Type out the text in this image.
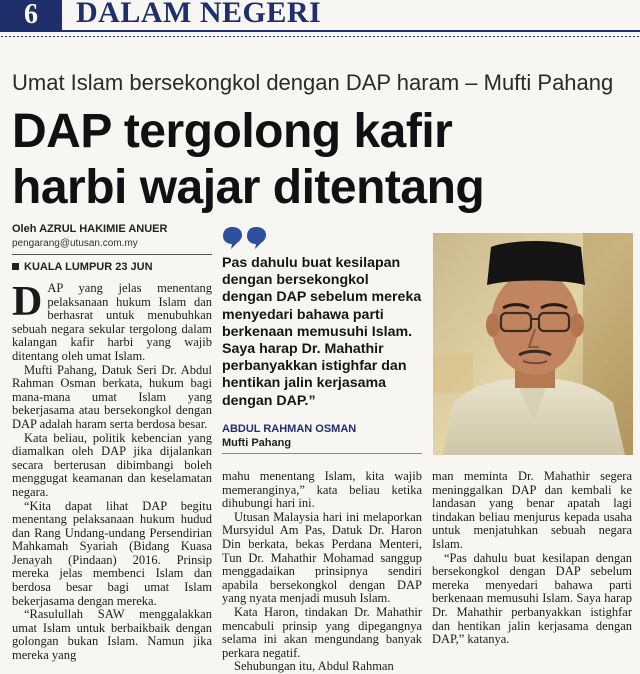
6	DALAM NEGERI
Umat Islam bersekongkol dengan DAP haram – Mufti Pahang
DAP tergolong kafir
harbi wajar ditentang
Oleh AZRUL HAKIMIE ANUER
pengarang@utusan.com.my
KUALA LUMPUR 23 JUN

DAP yang jelas menentang pelaksanaan hukum Islam dan berhasrat untuk menubuhkan sebuah negara sekular tergolong dalam kalangan kafir harbi yang wajib ditentang oleh umat Islam.

Mufti Pahang, Datuk Seri Dr. Abdul Rahman Osman berkata, hukum bagi mana-mana umat Islam yang bekerjasama atau bersekongkol dengan DAP adalah haram serta berdosa besar.

Kata beliau, politik kebencian yang diamalkan oleh DAP jika dijalankan secara berterusan dibimbangi boleh menggugat keamanan dan keselamatan negara.

“Kita dapat lihat DAP begitu menentang pelaksanaan hukum hudud dan Rang Undang-undang Persendirian Mahkamah Syariah (Bidang Kuasa Jenayah (Pindaan) 2016. Prinsip mereka jelas membenci Islam dan berdosa besar bagi umat Islam bekerjasama dengan mereka.

“Rasulullah SAW menggalakkan umat Islam untuk berbaikbaik dengan golongan bukan Islam. Namun jika mereka yang

Pas dahulu buat kesilapan dengan bersekongkol dengan DAP sebelum mereka menyedari bahawa parti berkenaan memusuhi Islam. Saya harap Dr. Mahathir perbanyakkan istighfar dan hentikan jalin kerjasama dengan DAP.”
ABDUL RAHMAN OSMAN
Mufti Pahang

mahu menentang Islam, kita wajib memeranginya,” kata beliau ketika dihubungi hari ini.

Utusan Malaysia hari ini melaporkan Mursyidul Am Pas, Datuk Dr. Haron Din berkata, bekas Perdana Menteri, Tun Dr. Mahathir Mohamad sanggup menggadaikan prinsipnya sendiri apabila bersekongkol dengan DAP yang nyata menjadi musuh Islam.

Kata Haron, tindakan Dr. Mahathir mencabuli prinsip yang dipegangnya selama ini akan mengundang banyak perkara negatif.

Sehubungan itu, Abdul Rahman

man meminta Dr. Mahathir segera meninggalkan DAP dan kembali ke landasan yang benar apatah lagi tindakan beliau menjurus kepada usaha untuk menjatuhkan sebuah negara Islam.

“Pas dahulu buat kesilapan dengan bersekongkol dengan DAP sebelum mereka menyedari bahawa parti berkenaan memusuhi Islam. Saya harap Dr. Mahathir perbanyakkan istighfar dan hentikan jalin kerjasama dengan DAP,” katanya.
